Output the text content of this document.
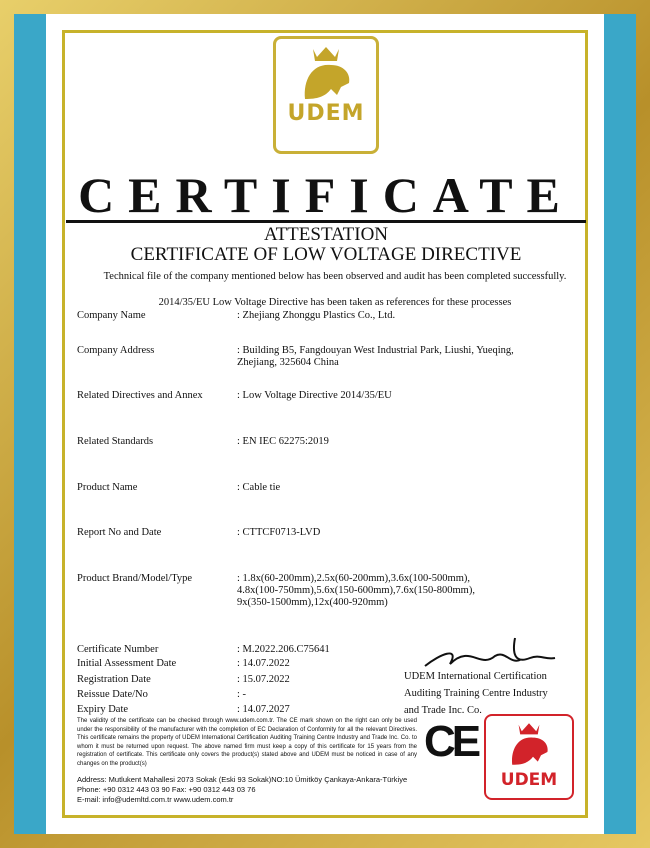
UDEM
CERTIFICATE
ATTESTATION
CERTIFICATE OF LOW VOLTAGE DIRECTIVE
Technical file of the company mentioned below has been observed and audit has been completed successfully.
2014/35/EU Low Voltage Directive has been taken as references for these processes
Company Name	: Zhejiang Zhonggu Plastics Co., Ltd.
Company Address	: Building B5, Fangdouyan West Industrial Park, Liushi, Yueqing,
Zhejiang, 325604 China
Related Directives and Annex	: Low Voltage Directive 2014/35/EU
Related Standards	: EN IEC 62275:2019
Product Name	: Cable tie
Report No and Date	: CTTCF0713-LVD
Product Brand/Model/Type	: 1.8x(60-200mm),2.5x(60-200mm),3.6x(100-500mm),
4.8x(100-750mm),5.6x(150-600mm),7.6x(150-800mm),
9x(350-1500mm),12x(400-920mm)
Certificate Number	: M.2022.206.C75641
Initial Assessment Date	: 14.07.2022
Registration Date	: 15.07.2022
Reissue Date/No	: -
Expiry Date	: 14.07.2027
UDEM International Certification
Auditing Training Centre Industry
and Trade Inc. Co.
The validity of the certificate can be checked through www.udem.com.tr. The CE mark shown on the right can only be used under the responsibility of the manufacturer with the completion of EC Declaration of Conformity for all the relevant Directives. This certificate remains the property of UDEM International Certification Auditing Training Centre Industry and Trade Inc. Co. to whom it must be returned upon request. The above named firm must keep a copy of this certificate for 15 years from the registration of certificate. This certificate only covers the product(s) stated above and UDEM must be noticed in case of any changes on the product(s)
Address: Mutlukent Mahallesi 2073 Sokak (Eski 93 Sokak)NO:10 Ümitköy Çankaya-Ankara-Türkiye
Phone: +90 0312 443 03 90 Fax: +90 0312 443 03 76
E-mail: info@udemltd.com.tr www.udem.com.tr
CE
UDEM
